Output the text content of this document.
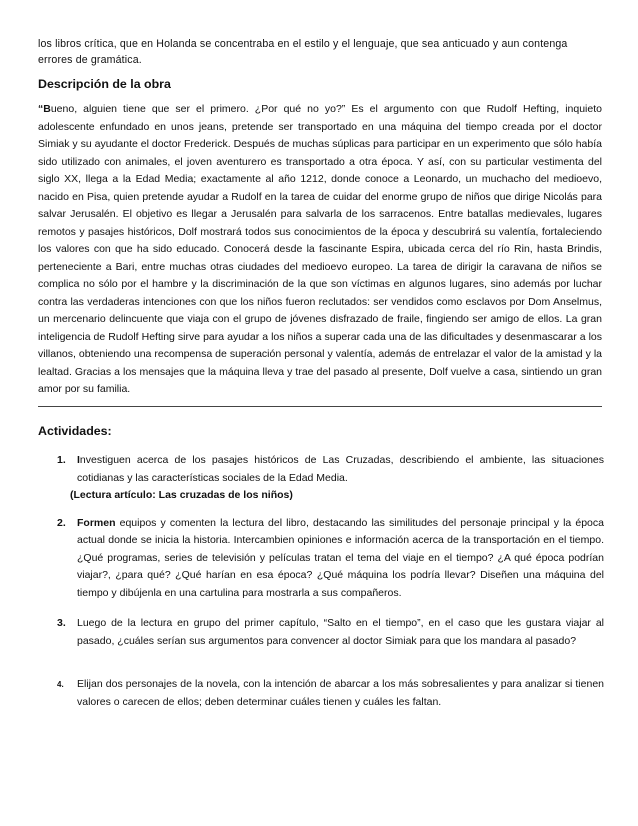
los libros crítica, que en Holanda se concentraba en el estilo y el lenguaje, que sea anticuado y aun contenga errores de gramática.

Descripción de la obra

“Bueno, alguien tiene que ser el primero. ¿Por qué no yo?” Es el argumento con que Rudolf Hefting, inquieto adolescente enfundado en unos jeans, pretende ser transportado en una máquina del tiempo creada por el doctor Simiak y su ayudante el doctor Frederick. Después de muchas súplicas para participar en un experimento que sólo había sido utilizado con animales, el joven aventurero es transportado a otra época. Y así, con su particular vestimenta del siglo XX, llega a la Edad Media; exactamente al año 1212, donde conoce a Leonardo, un muchacho del medioevo, nacido en Pisa, quien pretende ayudar a Rudolf en la tarea de cuidar del enorme grupo de niños que dirige Nicolás para salvar Jerusalén. El objetivo es llegar a Jerusalén para salvarla de los sarracenos. Entre batallas medievales, lugares remotos y pasajes históricos, Dolf mostrará todos sus conocimientos de la época y descubrirá su valentía, fortaleciendo los valores con que ha sido educado. Conocerá desde la fascinante Espira, ubicada cerca del río Rin, hasta Brindis, perteneciente a Bari, entre muchas otras ciudades del medioevo europeo. La tarea de dirigir la caravana de niños se complica no sólo por el hambre y la discriminación de la que son víctimas en algunos lugares, sino además por luchar contra las verdaderas intenciones con que los niños fueron reclutados: ser vendidos como esclavos por Dom Anselmus, un mercenario delincuente que viaja con el grupo de jóvenes disfrazado de fraile, fingiendo ser amigo de ellos. La gran inteligencia de Rudolf Hefting sirve para ayudar a los niños a superar cada una de las dificultades y desenmascarar a los villanos, obteniendo una recompensa de superación personal y valentía, además de entrelazar el valor de la amistad y la lealtad. Gracias a los mensajes que la máquina lleva y trae del pasado al presente, Dolf vuelve a casa, sintiendo un gran amor por su familia.

Actividades:
1. Investiguen acerca de los pasajes históricos de Las Cruzadas, describiendo el ambiente, las situaciones cotidianas y las características sociales de la Edad Media.
(Lectura artículo: Las cruzadas de los niños)
2. Formen equipos y comenten la lectura del libro, destacando las similitudes del personaje principal y la época actual donde se inicia la historia. Intercambien opiniones e información acerca de la transportación en el tiempo. ¿Qué programas, series de televisión y películas tratan el tema del viaje en el tiempo? ¿A qué época podrían viajar?, ¿para qué? ¿Qué harían en esa época? ¿Qué máquina los podría llevar? Diseñen una máquina del tiempo y dibújenla en una cartulina para mostrarla a sus compañeros.
3. Luego de la lectura en grupo del primer capítulo, “Salto en el tiempo”, en el caso que les gustara viajar al pasado, ¿cuáles serían sus argumentos para convencer al doctor Simiak para que los mandara al pasado?
4. Elijan dos personajes de la novela, con la intención de abarcar a los más sobresalientes y para analizar si tienen valores o carecen de ellos; deben determinar cuáles tienen y cuáles les faltan.
